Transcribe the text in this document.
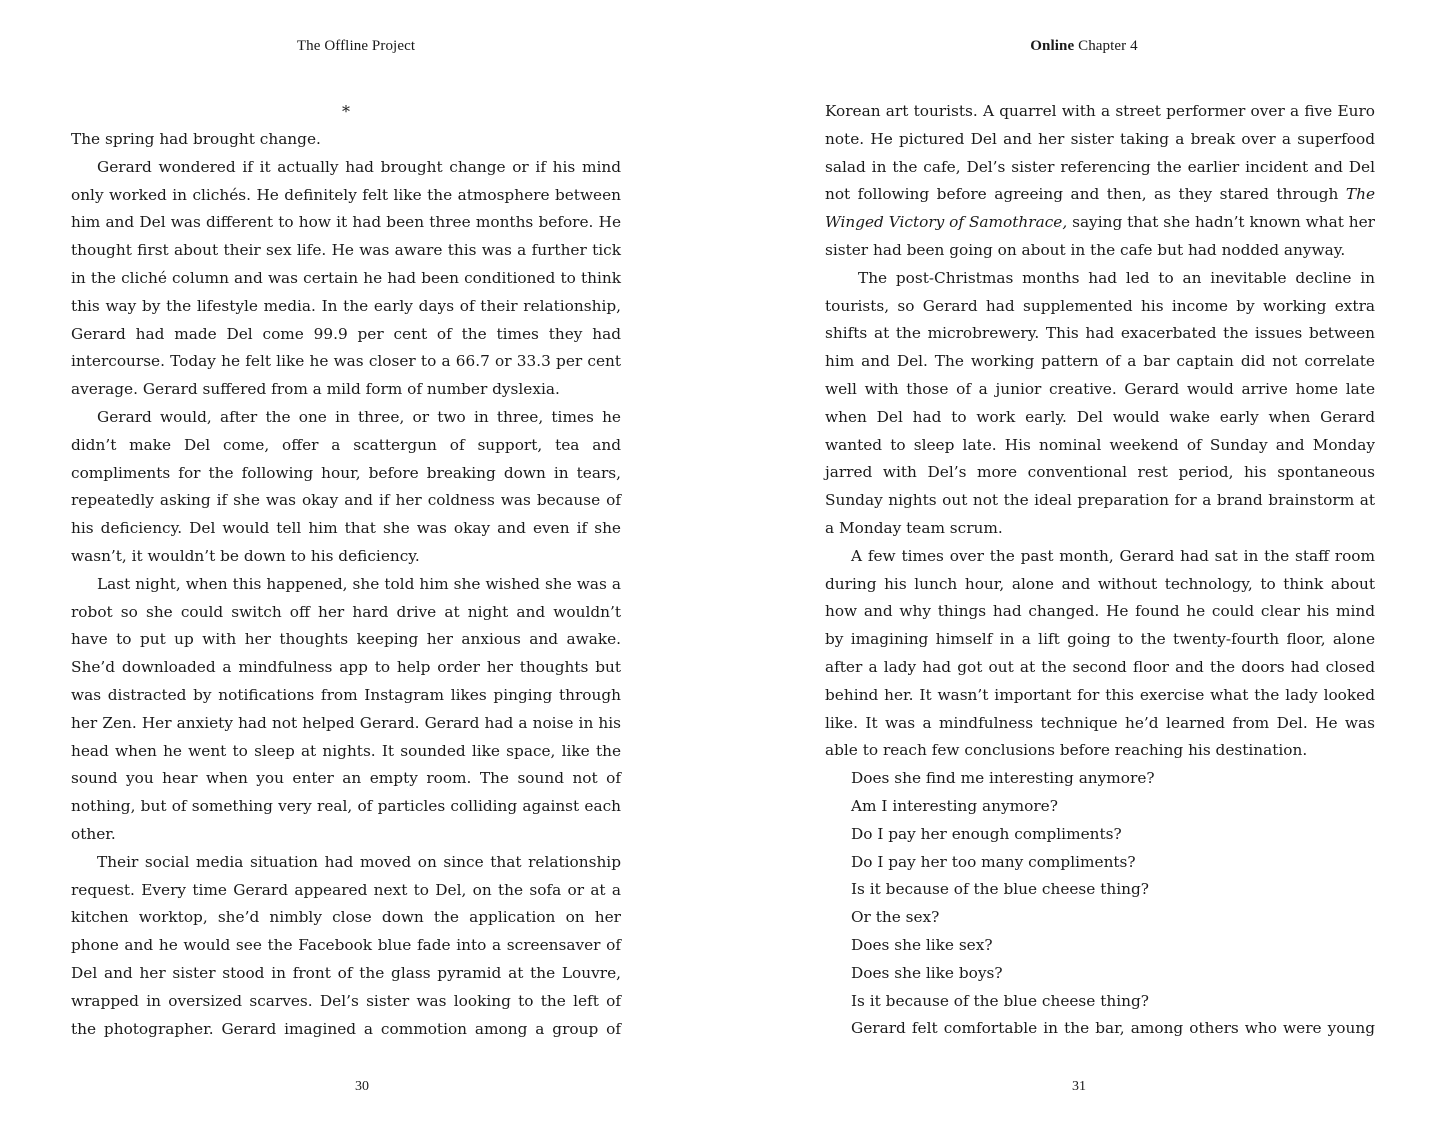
The Offline Project
*

The spring had brought change.

Gerard wondered if it actually had brought change or if his mind only worked in clichés. He definitely felt like the atmosphere between him and Del was different to how it had been three months before. He thought first about their sex life. He was aware this was a further tick in the cliché column and was certain he had been conditioned to think this way by the lifestyle media. In the early days of their relationship, Gerard had made Del come 99.9 per cent of the times they had intercourse. Today he felt like he was closer to a 66.7 or 33.3 per cent average. Gerard suffered from a mild form of number dyslexia.

Gerard would, after the one in three, or two in three, times he didn’t make Del come, offer a scattergun of support, tea and compliments for the following hour, before breaking down in tears, repeatedly asking if she was okay and if her coldness was because of his deficiency. Del would tell him that she was okay and even if she wasn’t, it wouldn’t be down to his deficiency.

Last night, when this happened, she told him she wished she was a robot so she could switch off her hard drive at night and wouldn’t have to put up with her thoughts keeping her anxious and awake. She’d downloaded a mindfulness app to help order her thoughts but was distracted by notifications from Instagram likes pinging through her Zen. Her anxiety had not helped Gerard. Gerard had a noise in his head when he went to sleep at nights. It sounded like space, like the sound you hear when you enter an empty room. The sound not of nothing, but of something very real, of particles colliding against each other.

Their social media situation had moved on since that relationship request. Every time Gerard appeared next to Del, on the sofa or at a kitchen worktop, she’d nimbly close down the application on her phone and he would see the Facebook blue fade into a screensaver of Del and her sister stood in front of the glass pyramid at the Louvre, wrapped in oversized scarves. Del’s sister was looking to the left of the photographer. Gerard imagined a commotion among a group of

30
Online Chapter 4

Korean art tourists. A quarrel with a street performer over a five Euro note. He pictured Del and her sister taking a break over a superfood salad in the cafe, Del’s sister referencing the earlier incident and Del not following before agreeing and then, as they stared through The Winged Victory of Samothrace, saying that she hadn’t known what her sister had been going on about in the cafe but had nodded anyway.

The post-Christmas months had led to an inevitable decline in tourists, so Gerard had supplemented his income by working extra shifts at the microbrewery. This had exacerbated the issues between him and Del. The working pattern of a bar captain did not correlate well with those of a junior creative. Gerard would arrive home late when Del had to work early. Del would wake early when Gerard wanted to sleep late. His nominal weekend of Sunday and Monday jarred with Del’s more conventional rest period, his spontaneous Sunday nights out not the ideal preparation for a brand brainstorm at a Monday team scrum.

A few times over the past month, Gerard had sat in the staff room during his lunch hour, alone and without technology, to think about how and why things had changed. He found he could clear his mind by imagining himself in a lift going to the twenty-fourth floor, alone after a lady had got out at the second floor and the doors had closed behind her. It wasn’t important for this exercise what the lady looked like. It was a mindfulness technique he’d learned from Del. He was able to reach few conclusions before reaching his destination.

Does she find me interesting anymore?

Am I interesting anymore?

Do I pay her enough compliments?

Do I pay her too many compliments?

Is it because of the blue cheese thing?

Or the sex?

Does she like sex?

Does she like boys?

Is it because of the blue cheese thing?

Gerard felt comfortable in the bar, among others who were young

31
